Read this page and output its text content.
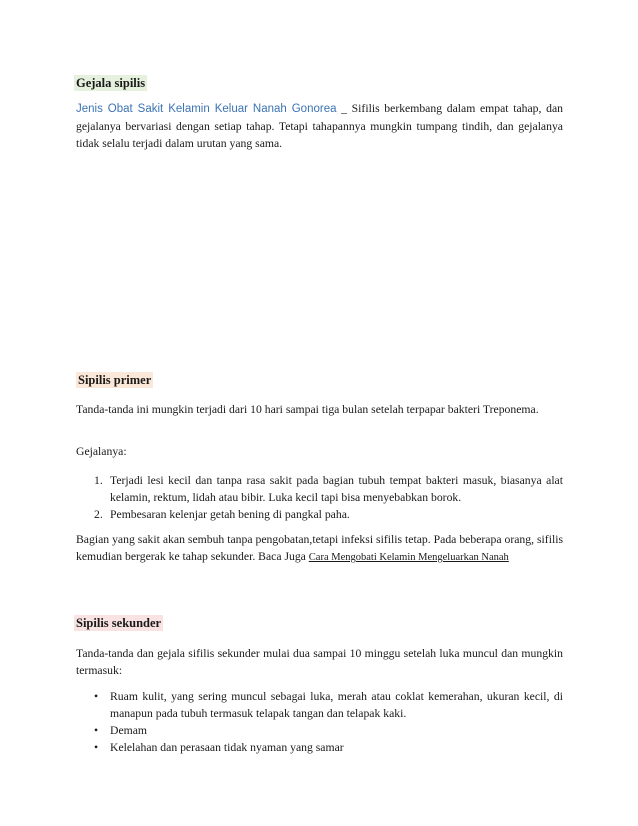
Gejala sipilis

Jenis Obat Sakit Kelamin Keluar Nanah Gonorea _ Sifilis berkembang dalam empat tahap, dan gejalanya bervariasi dengan setiap tahap. Tetapi tahapannya mungkin tumpang tindih, dan gejalanya tidak selalu terjadi dalam urutan yang sama.

Sipilis primer

Tanda-tanda ini mungkin terjadi dari 10 hari sampai tiga bulan setelah terpapar bakteri Treponema.

Gejalanya:

1. Terjadi lesi kecil dan tanpa rasa sakit pada bagian tubuh tempat bakteri masuk, biasanya alat kelamin, rektum, lidah atau bibir. Luka kecil tapi bisa menyebabkan borok.
2. Pembesaran kelenjar getah bening di pangkal paha.

Bagian yang sakit akan sembuh tanpa pengobatan,tetapi infeksi sifilis tetap. Pada beberapa orang, sifilis kemudian bergerak ke tahap sekunder. Baca Juga Cara Mengobati Kelamin Mengeluarkan Nanah

Sipilis sekunder

Tanda-tanda dan gejala sifilis sekunder mulai dua sampai 10 minggu setelah luka muncul dan mungkin termasuk:

• Ruam kulit, yang sering muncul sebagai luka, merah atau coklat kemerahan, ukuran kecil, di manapun pada tubuh termasuk telapak tangan dan telapak kaki.
• Demam
• Kelelahan dan perasaan tidak nyaman yang samar
